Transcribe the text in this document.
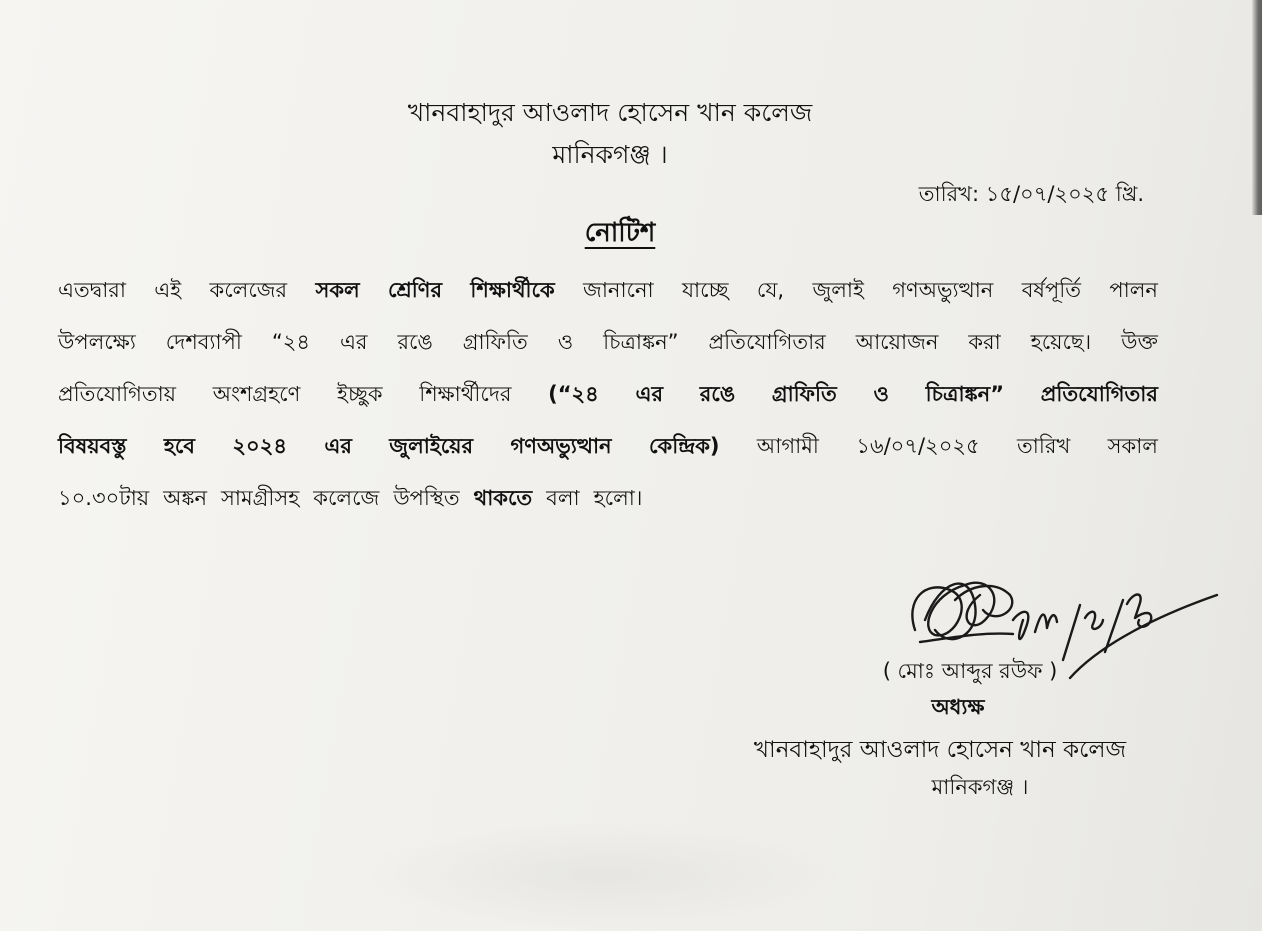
খানবাহাদুর আওলাদ হোসেন খান কলেজ
মানিকগঞ্জ ।
তারিখ: ১৫/০৭/২০২৫ খ্রি.
নোটিশ
এতদ্বারা এই কলেজের সকল শ্রেণির শিক্ষার্থীকে জানানো যাচ্ছে যে, জুলাই গণঅভ্যুত্থান বর্ষপূর্তি পালন
উপলক্ষ্যে দেশব্যাপী “২৪ এর রঙে গ্রাফিতি ও চিত্রাঙ্কন” প্রতিযোগিতার আয়োজন করা হয়েছে। উক্ত
প্রতিযোগিতায় অংশগ্রহণে ইচ্ছুক শিক্ষার্থীদের (“২৪ এর রঙে গ্রাফিতি ও চিত্রাঙ্কন” প্রতিযোগিতার
বিষয়বস্তু হবে ২০২৪ এর জুলাইয়ের গণঅভ্যুত্থান কেন্দ্রিক) আগামী ১৬/০৭/২০২৫ তারিখ সকাল
১০.৩০টায় অঙ্কন সামগ্রীসহ কলেজে উপস্থিত থাকতে বলা হলো।
( মোঃ আব্দুর রউফ )
অধ্যক্ষ
খানবাহাদুর আওলাদ হোসেন খান কলেজ
মানিকগঞ্জ ।
